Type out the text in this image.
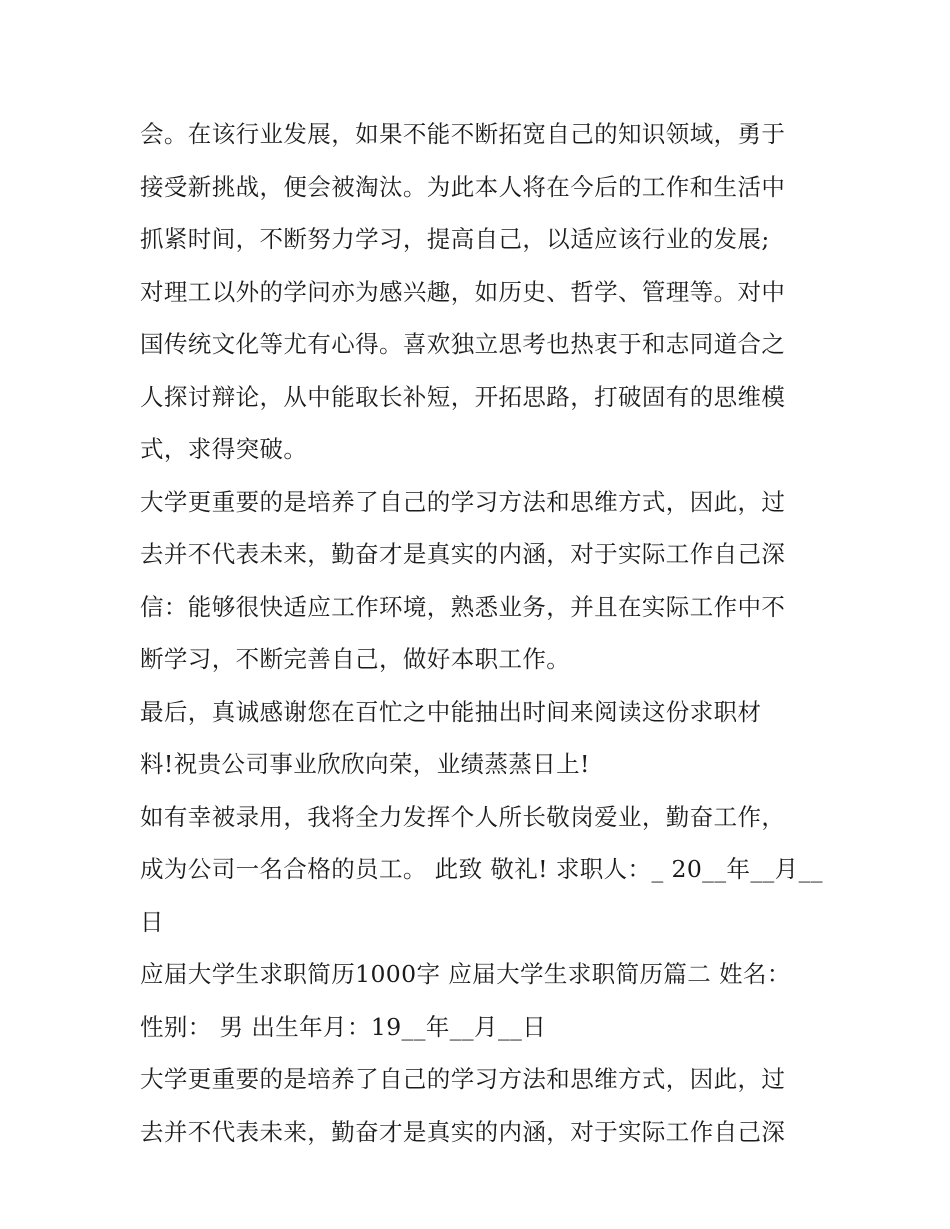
会。在该行业发展，如果不能不断拓宽自己的知识领域，勇于
接受新挑战，便会被淘汰。为此本人将在今后的工作和生活中
抓紧时间，不断努力学习，提高自己，以适应该行业的发展;
对理工以外的学问亦为感兴趣，如历史、哲学、管理等。对中
国传统文化等尤有心得。喜欢独立思考也热衷于和志同道合之
人探讨辩论，从中能取长补短，开拓思路，打破固有的思维模
式，求得突破。
大学更重要的是培养了自己的学习方法和思维方式，因此，过
去并不代表未来，勤奋才是真实的内涵，对于实际工作自己深
信：能够很快适应工作环境，熟悉业务，并且在实际工作中不
断学习，不断完善自己，做好本职工作。
最后，真诚感谢您在百忙之中能抽出时间来阅读这份求职材
料!祝贵公司事业欣欣向荣，业绩蒸蒸日上!
如有幸被录用，我将全力发挥个人所长敬岗爱业，勤奋工作，
成为公司一名合格的员工。 此致 敬礼! 求职人：_ 20__年__月__
日
应届大学生求职简历1000字 应届大学生求职简历篇二 姓名：
性别： 男 出生年月：19__年__月__日
大学更重要的是培养了自己的学习方法和思维方式，因此，过
去并不代表未来，勤奋才是真实的内涵，对于实际工作自己深
